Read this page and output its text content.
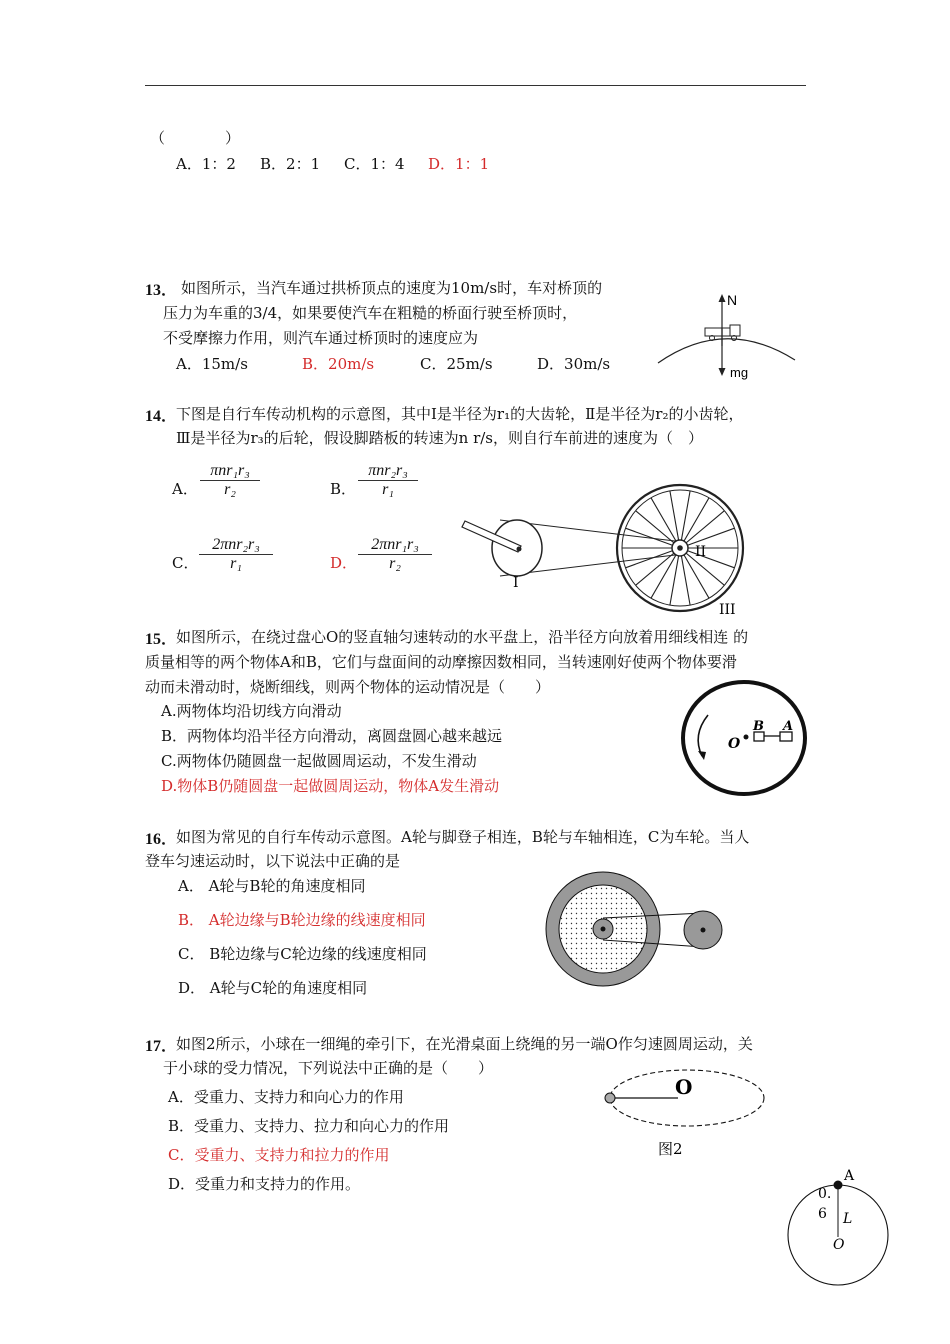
（　　　　）
A．1：2 B．2：1 C．1：4 D．1：1
13． 如图所示，当汽车通过拱桥顶点的速度为10m/s时，车对桥顶的
压力为车重的3/4，如果要使汽车在粗糙的桥面行驶至桥顶时，
不受摩擦力作用，则汽车通过桥顶时的速度应为
A．15m/s	B．20m/s	C．25m/s	D．30m/s
N
mg
14．
下图是自行车传动机构的示意图，其中Ⅰ是半径为r₁的大齿轮，Ⅱ是半径为r₂的小齿轮，
Ⅲ是半径为r₃的后轮，假设脚踏板的转速为n r/s，则自行车前进的速度为（　）
A．
πnr₁r₃
r₂	B．
πnr₂r₃
r₁
C．
2πnr₂r₃
r₁	D．
2πnr₁r₃
r₂
I
II
III
15．
如图所示，在绕过盘心O的竖直轴匀速转动的水平盘上，沿半径方向放着用细线相连 的
质量相等的两个物体A和B，它们与盘面间的动摩擦因数相同，当转速刚好使两个物体要滑
动而未滑动时，烧断细线，则两个物体的运动情况是（　　）
A.两物体均沿切线方向滑动
B．两物体均沿半径方向滑动，离圆盘圆心越来越远
C.两物体仍随圆盘一起做圆周运动，不发生滑动
D.物体B仍随圆盘一起做圆周运动，物体A发生滑动
O
B A
16．
如图为常见的自行车传动示意图。A轮与脚登子相连，B轮与车轴相连，C为车轮。当人
登车匀速运动时，以下说法中正确的是
A． A轮与B轮的角速度相同
B． A轮边缘与B轮边缘的线速度相同
C． B轮边缘与C轮边缘的线速度相同
D． A轮与C轮的角速度相同
17．
如图2所示，小球在一细绳的牵引下，在光滑桌面上绕绳的另一端O作匀速圆周运动，关
于小球的受力情况，下列说法中正确的是（　　）
A．受重力、支持力和向心力的作用
B．受重力、支持力、拉力和向心力的作用
C．受重力、支持力和拉力的作用
D．受重力和支持力的作用。
O
图2
A
0.
6 L
O
